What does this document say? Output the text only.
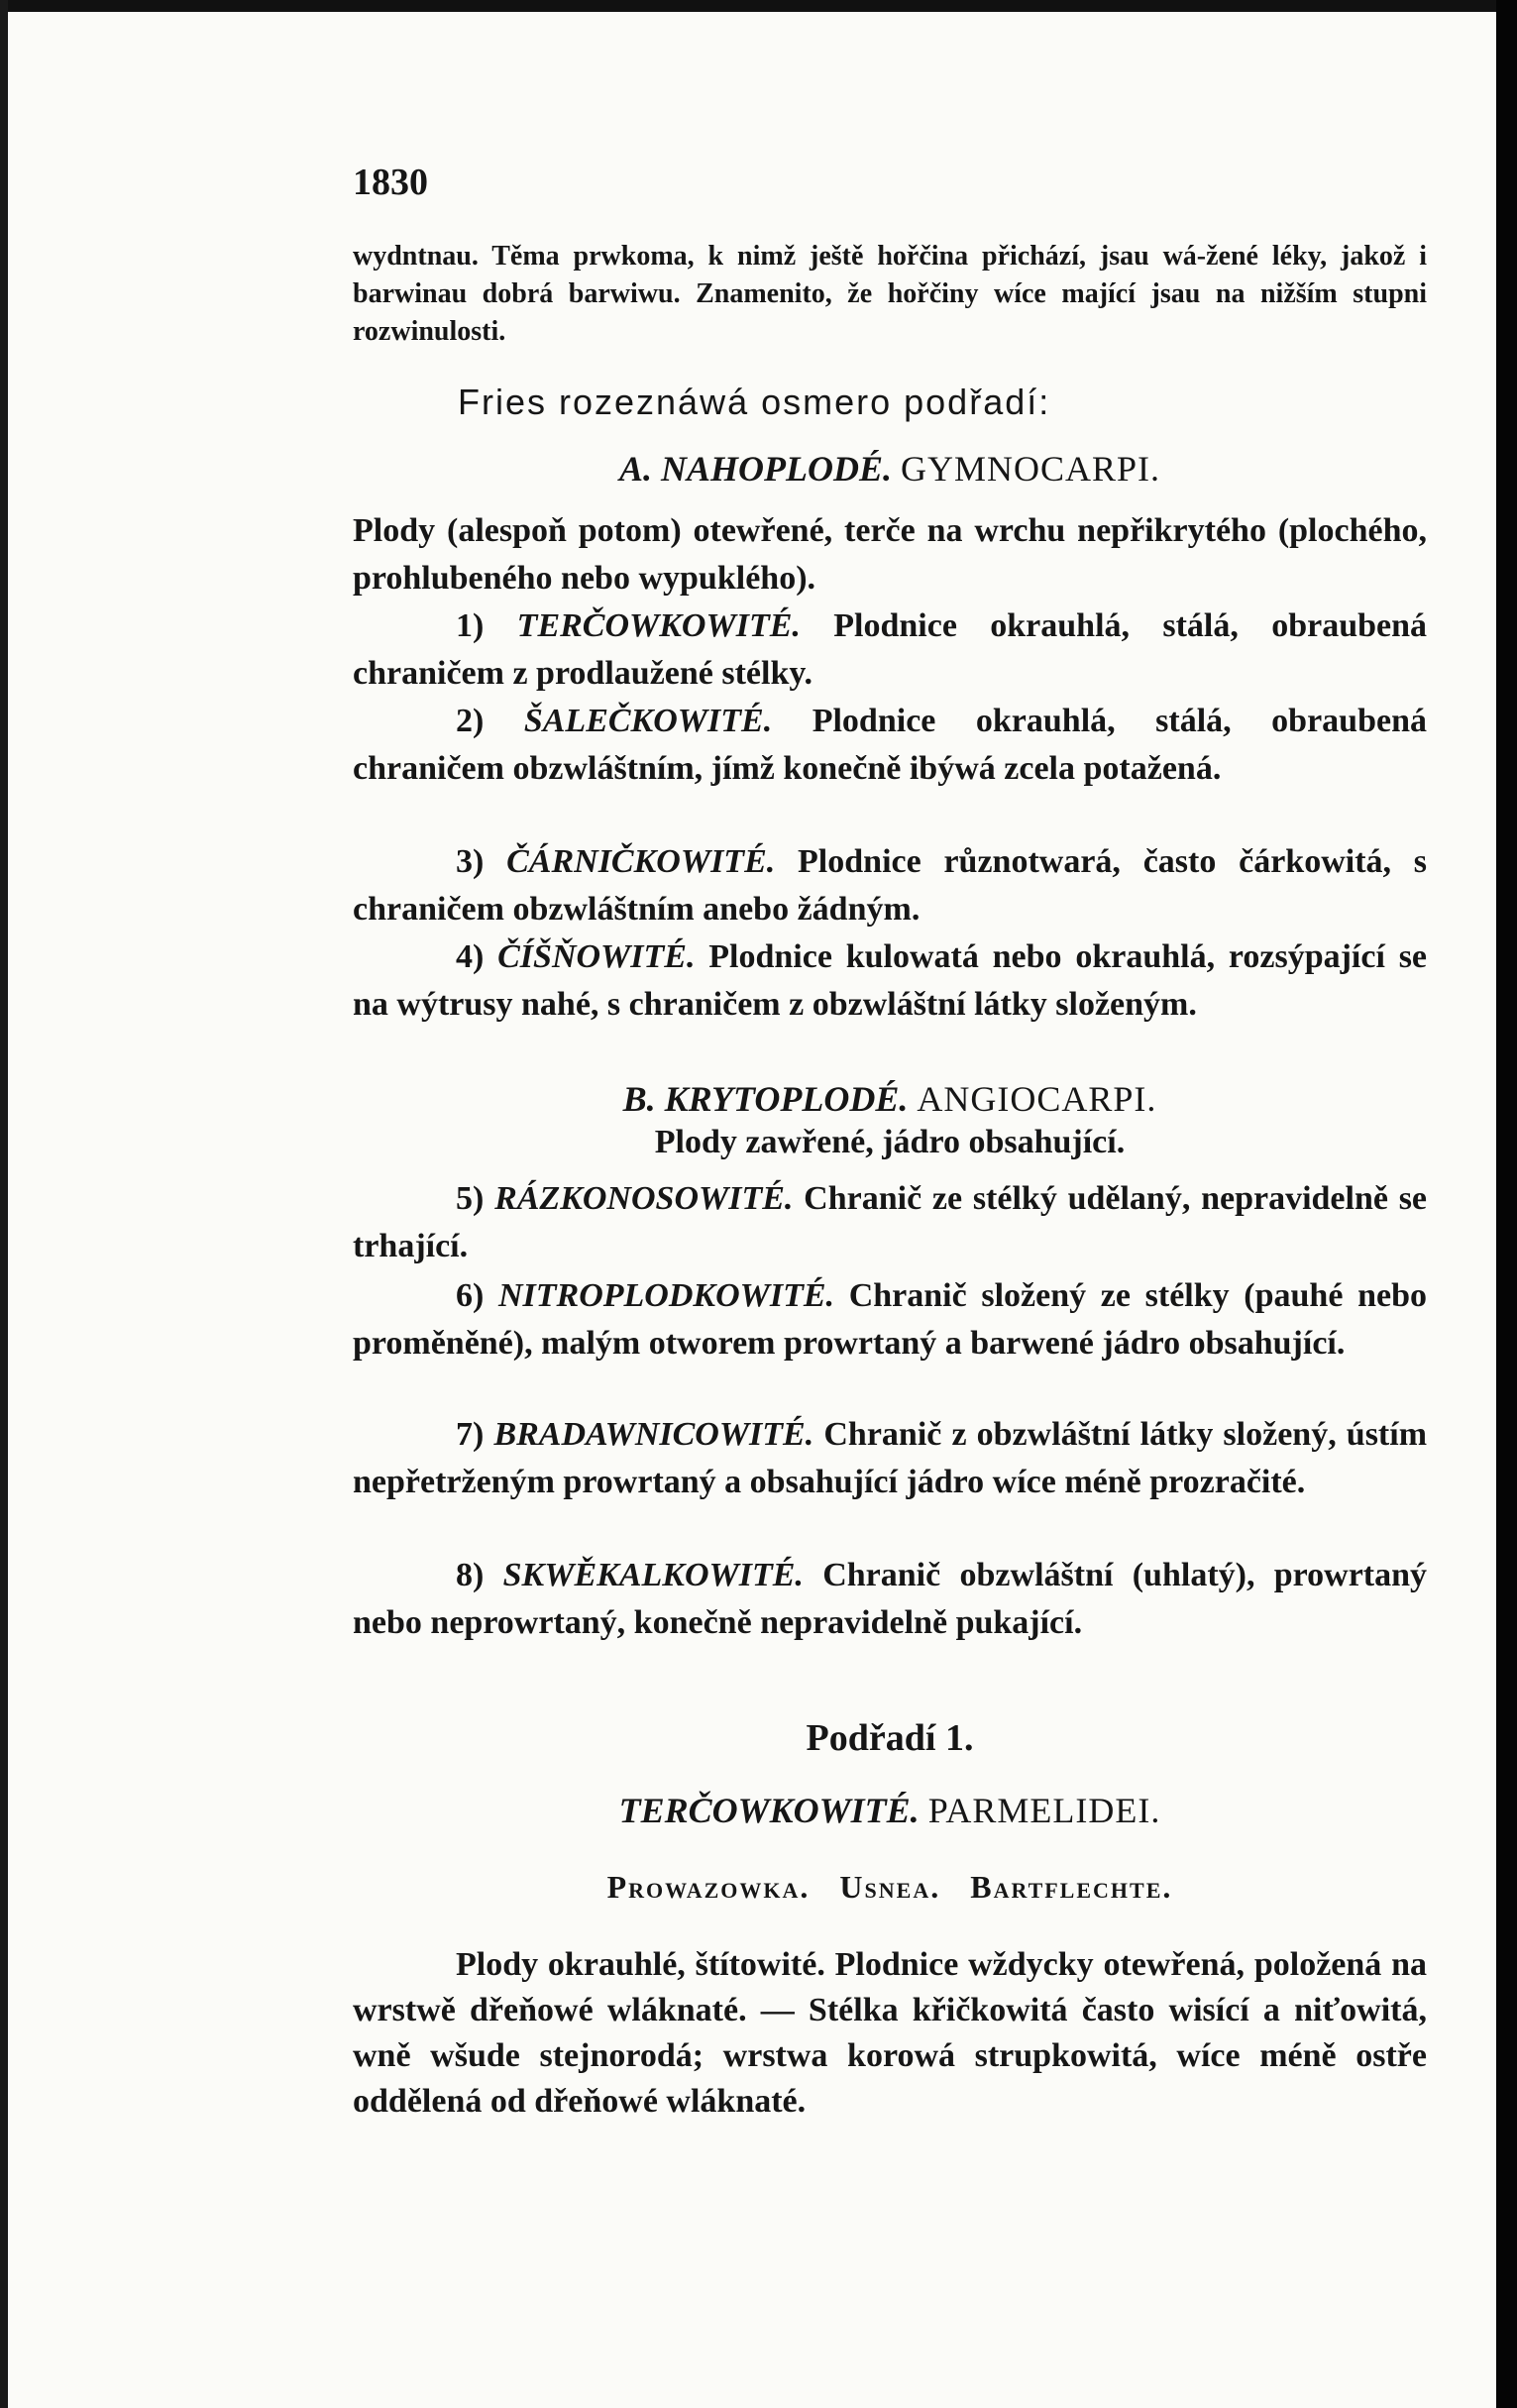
1830
wydntnau. Těma prwkoma, k nimž ještě hořčina přichází, jsau wá-žené léky, jakož i barwinau dobrá barwiwu. Znamenito, že hořčiny wíce mající jsau na nižším stupni rozwinulosti.
Fries rozeznáwá osmero podřadí:
A. NAHOPLODÉ. GYMNOCARPI.
Plody (alespoň potom) otewřené, terče na wrchu nepřikrytého (plochého, prohlubeného nebo wypuklého).
1) TERČOWKOWITÉ. Plodnice okrauhlá, stálá, obraubená chraničem z prodlaužené stélky.
2) ŠALEČKOWITÉ. Plodnice okrauhlá, stálá, obraubená chraničem obzwláštním, jímž konečně ibýwá zcela potažená.
3) ČÁRNIČKOWITÉ. Plodnice různotwará, často čárkowitá, s chraničem obzwláštním anebo žádným.
4) ČÍŠŇOWITÉ. Plodnice kulowatá nebo okrauhlá, rozsýpající se na wýtrusy nahé, s chraničem z obzwláštní látky složeným.
B. KRYTOPLODÉ. ANGIOCARPI.
Plody zawřené, jádro obsahující.
5) RÁZKONOSOWITÉ. Chranič ze stélký udělaný, nepravidelně se trhající.
6) NITROPLODKOWITÉ. Chranič složený ze stélky (pauhé nebo proměněné), malým otworem prowrtaný a barwené jádro obsahující.
7) BRADAWNICOWITÉ. Chranič z obzwláštní látky složený, ústím nepřetrženým prowrtaný a obsahující jádro wíce méně prozračité.
8) SKWĚKALKOWITÉ. Chranič obzwláštní (uhlatý), prowrtaný nebo neprowrtaný, konečně nepravidelně pukající.
Podřadí 1.
TERČOWKOWITÉ. PARMELIDEI.
Prowazowka. Usnea. Bartflechte.
Plody okrauhlé, štítowité. Plodnice wždycky otewřená, položená na wrstwě dřeňowé wláknaté. — Stélka křičkowitá často wisící a niťowitá, wně wšude stejnorodá; wrstwa korowá strupkowitá, wíce méně ostře oddělená od dřeňowé wláknaté.
